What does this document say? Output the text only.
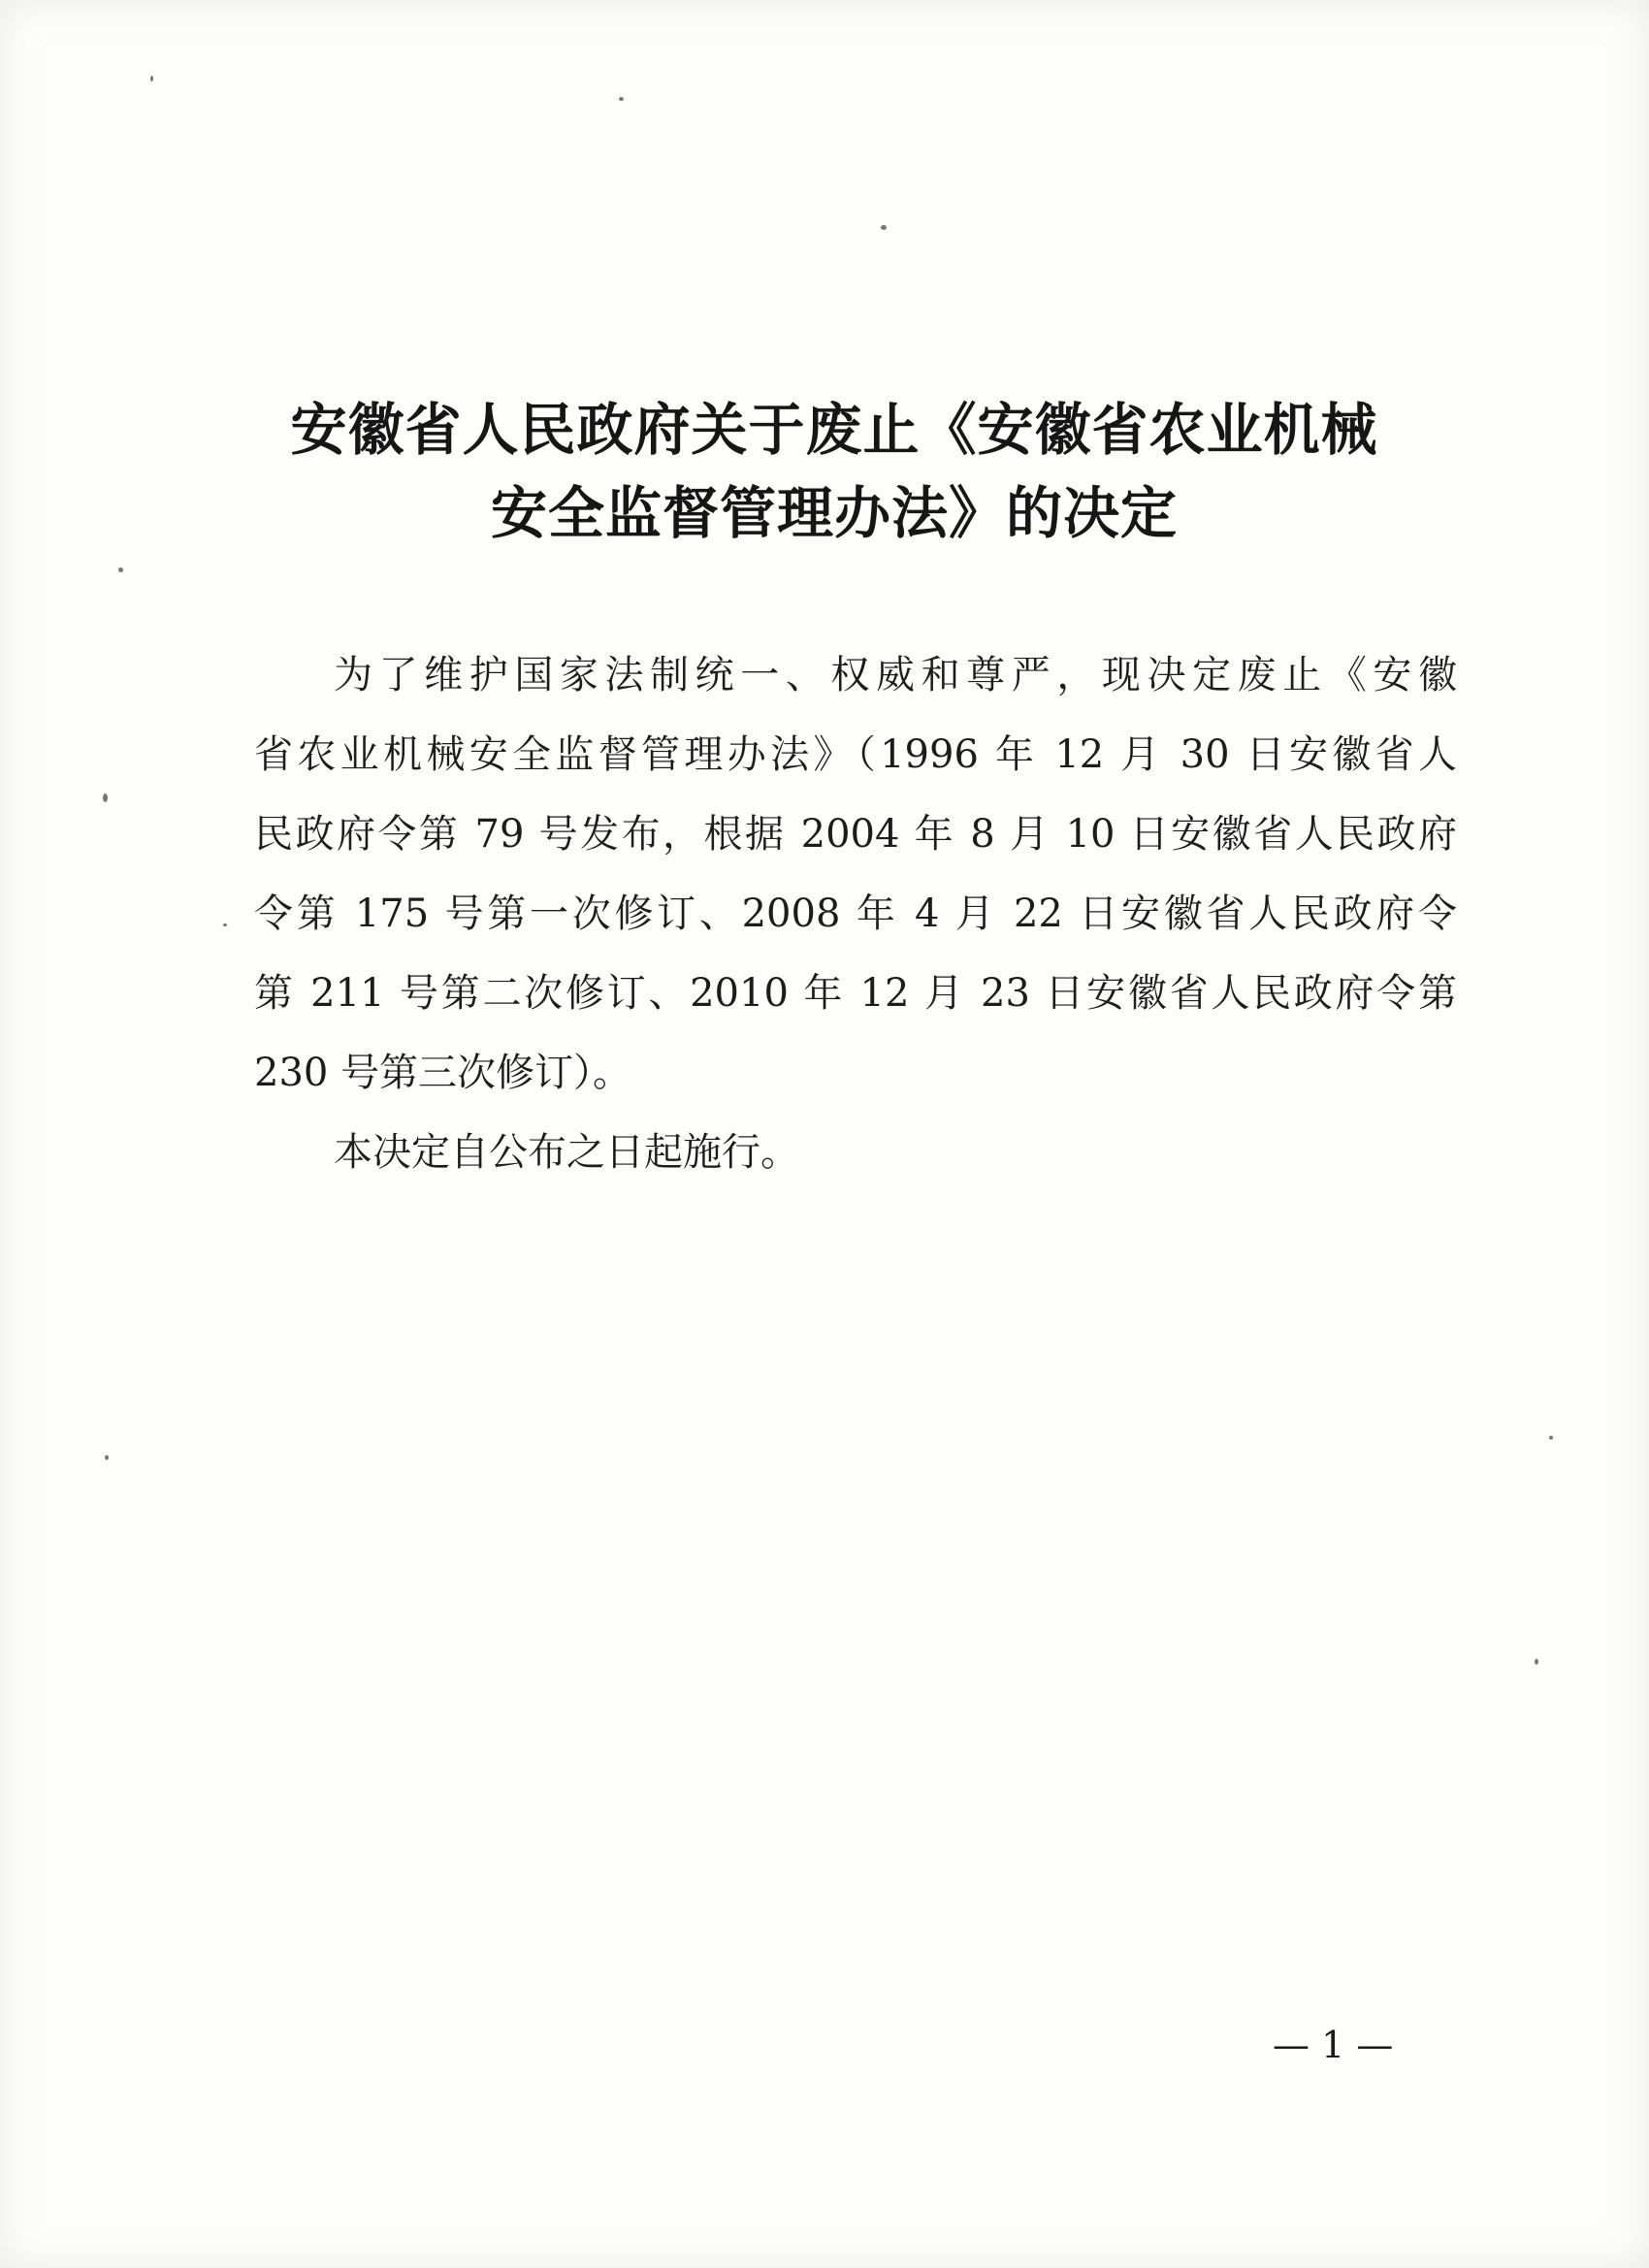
安徽省人民政府关于废止《安徽省农业机械
安全监督管理办法》的决定
为了维护国家法制统一、权威和尊严，现决定废止《安徽
省农业机械安全监督管理办法》（1996 年 12 月 30 日安徽省人
民政府令第 79 号发布，根据 2004 年 8 月 10 日安徽省人民政府
令第 175 号第一次修订、2008 年 4 月 22 日安徽省人民政府令
第 211 号第二次修订、2010 年 12 月 23 日安徽省人民政府令第
230 号第三次修订）。
本决定自公布之日起施行。
— 1 —
